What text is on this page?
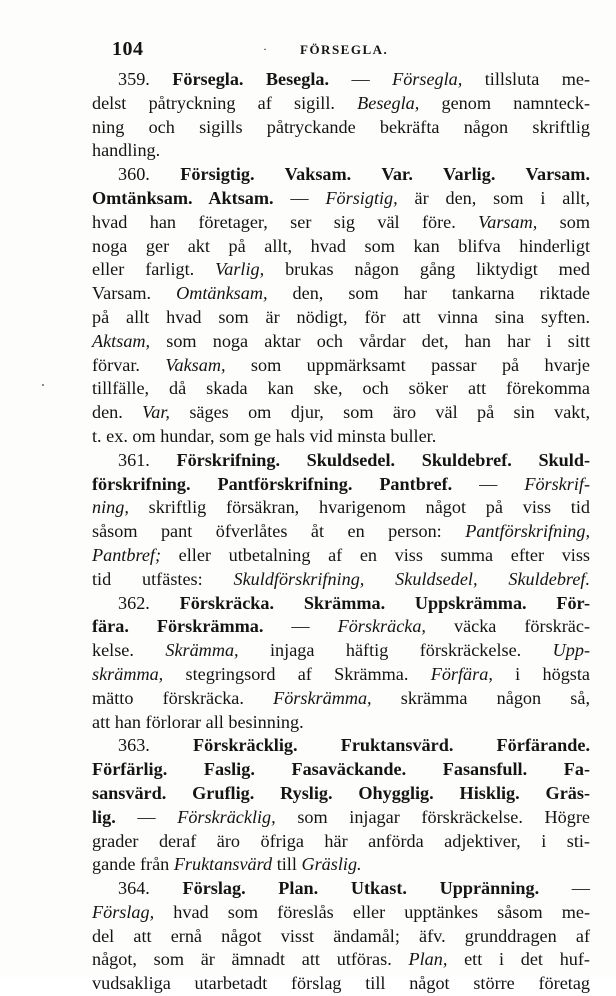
104	·	FÖRSEGLA.
359. Försegla. Besegla. — Försegla, tillsluta me-
delst påtryckning af sigill. Besegla, genom namnteck-
ning och sigills påtryckande bekräfta någon skriftlig
handling.
360. Försigtig. Vaksam. Var. Varlig. Varsam.
Omtänksam. Aktsam. — Försigtig, är den, som i allt,
hvad han företager, ser sig väl före. Varsam, som
noga ger akt på allt, hvad som kan blifva hinderligt
eller farligt. Varlig, brukas någon gång liktydigt med
Varsam. Omtänksam, den, som har tankarna riktade
på allt hvad som är nödigt, för att vinna sina syften.
Aktsam, som noga aktar och vårdar det, han har i sitt
förvar. Vaksam, som uppmärksamt passar på hvarje
tillfälle, då skada kan ske, och söker att förekomma
den. Var, säges om djur, som äro väl på sin vakt,
t. ex. om hundar, som ge hals vid minsta buller.
361. Förskrifning. Skuldsedel. Skuldebref. Skuld-
förskrifning. Pantförskrifning. Pantbref. — Förskrif-
ning, skriftlig försäkran, hvarigenom något på viss tid
såsom pant öfverlåtes åt en person: Pantförskrifning,
Pantbref; eller utbetalning af en viss summa efter viss
tid utfästes: Skuldförskrifning, Skuldsedel, Skuldebref.
362. Förskräcka. Skrämma. Uppskrämma. För-
fära. Förskrämma. — Förskräcka, väcka förskräc-
kelse. Skrämma, injaga häftig förskräckelse. Upp-
skrämma, stegringsord af Skrämma. Förfära, i högsta
mätto förskräcka. Förskrämma, skrämma någon så,
att han förlorar all besinning.
363. Förskräcklig. Fruktansvärd. Förfärande.
Förfärlig. Faslig. Fasaväckande. Fasansfull. Fa-
sansvärd. Gruflig. Ryslig. Ohygglig. Hisklig. Gräs-
lig. — Förskräcklig, som injagar förskräckelse. Högre
grader deraf äro öfriga här anförda adjektiver, i sti-
gande från Fruktansvärd till Gräslig.
364. Förslag. Plan. Utkast. Uppränning. —
Förslag, hvad som föreslås eller upptänkes såsom me-
del att ernå något visst ändamål; äfv. grunddragen af
något, som är ämnadt att utföras. Plan, ett i det huf-
vudsakliga utarbetadt förslag till något större företag
